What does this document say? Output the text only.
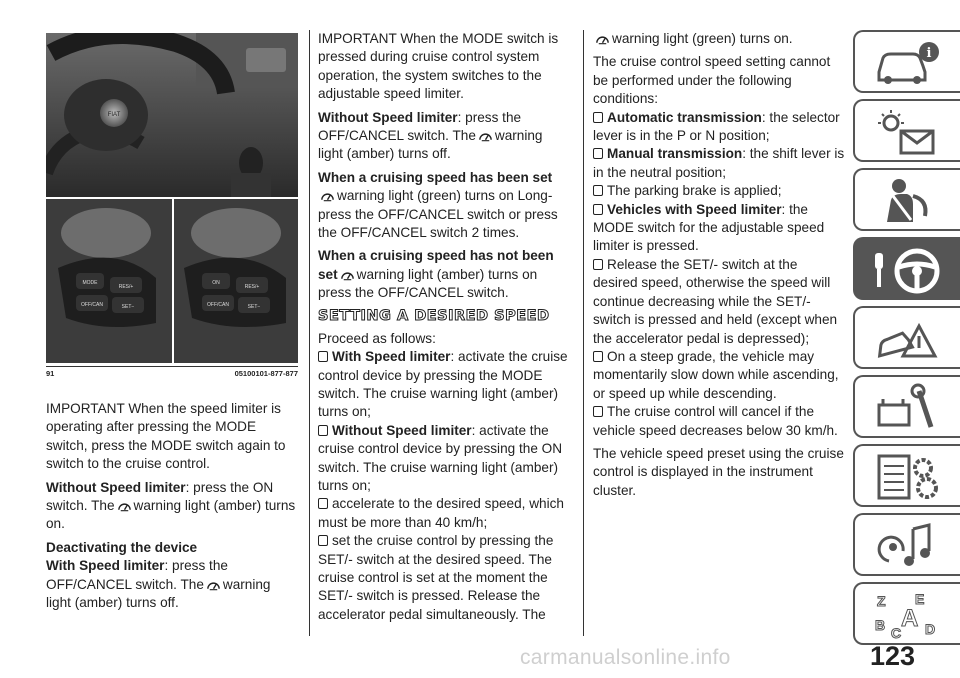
FIAT
MODE
RES/+
OFF/CAN	SET−
ON
RES/+
OFF/CAN	SET−
91	05100101-877-877

IMPORTANT When the speed limiter is operating after pressing the MODE switch, press the MODE switch again to switch to the cruise control.

Without Speed limiter: press the ON switch. The warning light (amber) turns on.

Deactivating the device

With Speed limiter: press the OFF/CANCEL switch. The warning light (amber) turns off.

IMPORTANT When the MODE switch is pressed during cruise control system operation, the system switches to the adjustable speed limiter.

Without Speed limiter: press the OFF/CANCEL switch. The warning light (amber) turns off.

When a cruising speed has been set

warning light (green) turns on Long-press the OFF/CANCEL switch or press the OFF/CANCEL switch 2 times.

When a cruising speed has not been set warning light (amber) turns on press the OFF/CANCEL switch.

SETTING A DESIRED SPEED

Proceed as follows:

With Speed limiter: activate the cruise control device by pressing the MODE switch. The cruise warning light (amber) turns on;

Without Speed limiter: activate the cruise control device by pressing the ON switch. The cruise warning light (amber) turns on;

accelerate to the desired speed, which must be more than 40 km/h;

set the cruise control by pressing the SET/- switch at the desired speed. The cruise control is set at the moment the SET/- switch is pressed. Release the accelerator pedal simultaneously. The

warning light (green) turns on.

The cruise control speed setting cannot be performed under the following conditions:

Automatic transmission: the selector lever is in the P or N position;

Manual transmission: the shift lever is in the neutral position;

The parking brake is applied;

Vehicles with Speed limiter: the MODE switch for the adjustable speed limiter is pressed.

Release the SET/- switch at the desired speed, otherwise the speed will continue decreasing while the SET/- switch is pressed and held (except when the accelerator pedal is depressed);

On a steep grade, the vehicle may momentarily slow down while ascending, or speed up while descending.

The cruise control will cancel if the vehicle speed decreases below 30 km/h.

The vehicle speed preset using the cruise control is displayed in the instrument cluster.

i
Z E
A
B C D
carmanualsonline.info	123
